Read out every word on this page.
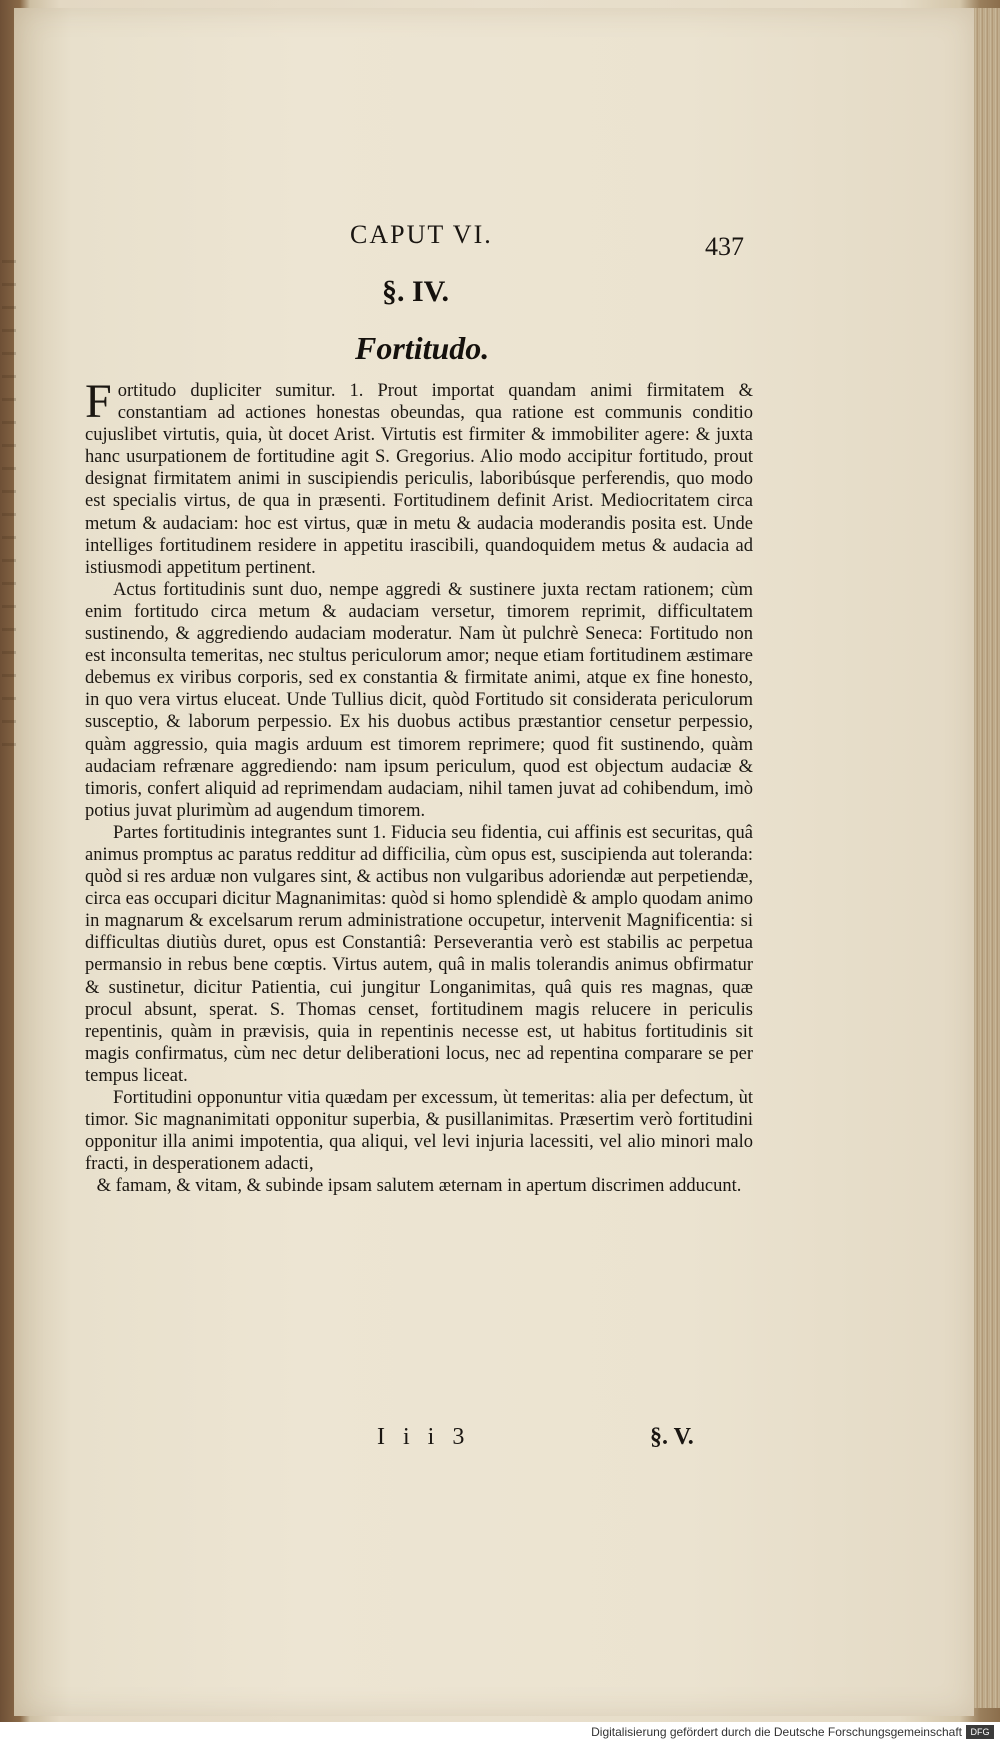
CAPUT VI.	437
§. IV.
Fortitudo.

Fortitudo dupliciter sumitur. 1. Prout importat quandam animi firmitatem & constantiam ad actiones honestas obeundas, qua ratione est communis conditio cujuslibet virtutis, quia, ùt docet Arist. Virtutis est firmiter & immobiliter agere: & juxta hanc usurpationem de fortitudine agit S. Gregorius. Alio modo accipitur fortitudo, prout designat firmitatem animi in suscipiendis periculis, laboribúsque perferendis, quo modo est specialis virtus, de qua in præsenti. Fortitudinem definit Arist. Mediocritatem circa metum & audaciam: hoc est virtus, quæ in metu & audacia moderandis posita est. Unde intelliges fortitudinem residere in appetitu irascibili, quandoquidem metus & audacia ad istiusmodi appetitum pertinent.

Actus fortitudinis sunt duo, nempe aggredi & sustinere juxta rectam rationem; cùm enim fortitudo circa metum & audaciam versetur, timorem reprimit, difficultatem sustinendo, & aggrediendo audaciam moderatur. Nam ùt pulchrè Seneca: Fortitudo non est inconsulta temeritas, nec stultus periculorum amor; neque etiam fortitudinem æstimare debemus ex viribus corporis, sed ex constantia & firmitate animi, atque ex fine honesto, in quo vera virtus eluceat. Unde Tullius dicit, quòd Fortitudo sit considerata periculorum susceptio, & laborum perpessio. Ex his duobus actibus præstantior censetur perpessio, quàm aggressio, quia magis arduum est timorem reprimere; quod fit sustinendo, quàm audaciam refrænare aggrediendo: nam ipsum periculum, quod est objectum audaciæ & timoris, confert aliquid ad reprimendam audaciam, nihil tamen juvat ad cohibendum, imò potius juvat plurimùm ad augendum timorem.

Partes fortitudinis integrantes sunt 1. Fiducia seu fidentia, cui affinis est securitas, quâ animus promptus ac paratus redditur ad difficilia, cùm opus est, suscipienda aut toleranda: quòd si res arduæ non vulgares sint, & actibus non vulgaribus adoriendæ aut perpetiendæ, circa eas occupari dicitur Magnanimitas: quòd si homo splendidè & amplo quodam animo in magnarum & excelsarum rerum administratione occupetur, intervenit Magnificentia: si difficultas diutiùs duret, opus est Constantiâ: Perseverantia verò est stabilis ac perpetua permansio in rebus bene cœptis. Virtus autem, quâ in malis tolerandis animus obfirmatur & sustinetur, dicitur Patientia, cui jungitur Longanimitas, quâ quis res magnas, quæ procul absunt, sperat. S. Thomas censet, fortitudinem magis relucere in periculis repentinis, quàm in prævisis, quia in repentinis necesse est, ut habitus fortitudinis sit magis confirmatus, cùm nec detur deliberationi locus, nec ad repentina comparare se per tempus liceat.

Fortitudini opponuntur vitia quædam per excessum, ùt temeritas: alia per defectum, ùt timor. Sic magnanimitati opponitur superbia, & pusillanimitas. Præsertim verò fortitudini opponitur illa animi impotentia, qua aliqui, vel levi injuria lacessiti, vel alio minori malo fracti, in desperationem adacti,

& famam, & vitam, & subinde ipsam salutem æternam in apertum discrimen adducunt.

I i i 3	§. V.
Digitalisierung gefördert durch die Deutsche Forschungsgemeinschaft DFG
